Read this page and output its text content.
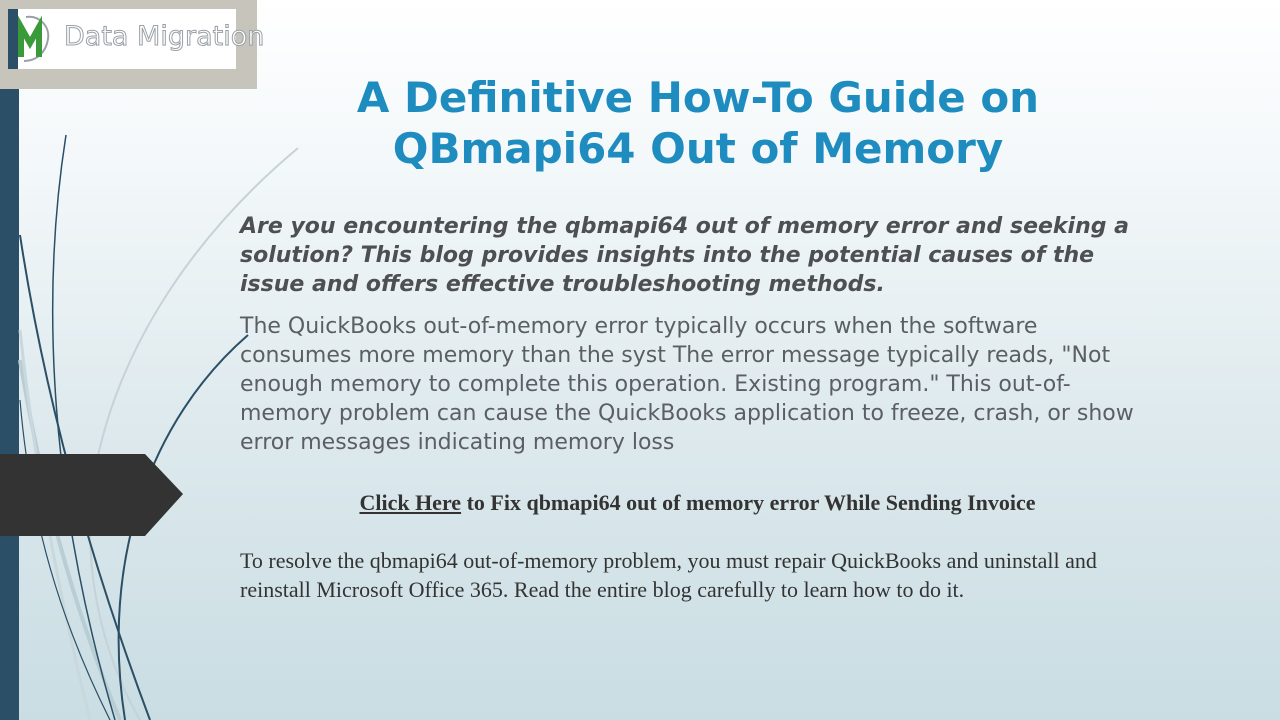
M
Data Migration
A Definitive How-To Guide on QBmapi64 Out of Memory

Are you encountering the qbmapi64 out of memory error and seeking a solution? This blog provides insights into the potential causes of the issue and offers effective troubleshooting methods.

The QuickBooks out-of-memory error typically occurs when the software consumes more memory than the syst The error message typically reads, "Not enough memory to complete this operation. Existing program." This out-of-memory problem can cause the QuickBooks application to freeze, crash, or show error messages indicating memory loss

Click Here to Fix qbmapi64 out of memory error While Sending Invoice

To resolve the qbmapi64 out-of-memory problem, you must repair QuickBooks and uninstall and reinstall Microsoft Office 365. Read the entire blog carefully to learn how to do it.
